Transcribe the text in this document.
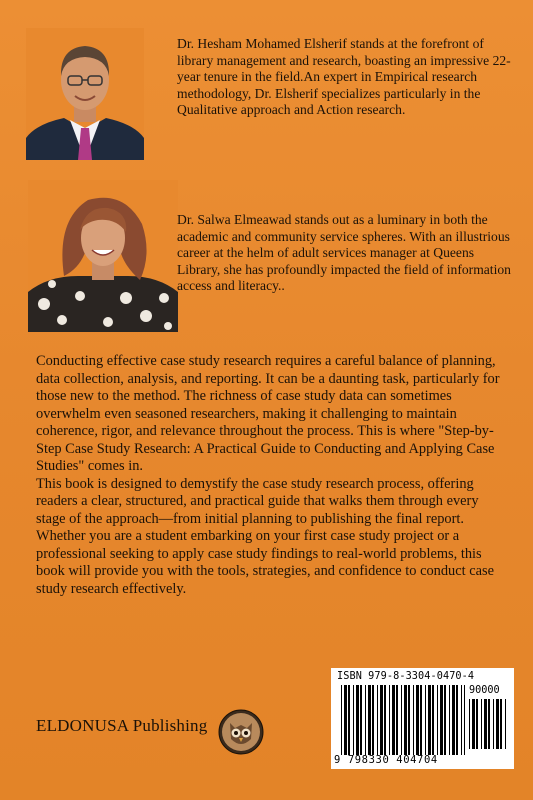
Dr. Hesham Mohamed Elsherif stands at the forefront of library management and research, boasting an impressive 22-year tenure in the field.An expert in Empirical research methodology, Dr. Elsherif specializes particularly in the Qualitative approach and Action research.
Dr. Salwa Elmeawad stands out as a luminary in both the academic and community service spheres. With an illustrious career at the helm of adult services manager at Queens Library, she has profoundly impacted the field of information access and literacy..

Conducting effective case study research requires a careful balance of planning, data collection, analysis, and reporting. It can be a daunting task, particularly for those new to the method. The richness of case study data can sometimes overwhelm even seasoned researchers, making it challenging to maintain coherence, rigor, and relevance throughout the process. This is where "Step-by-Step Case Study Research: A Practical Guide to Conducting and Applying Case Studies" comes in.

This book is designed to demystify the case study research process, offering readers a clear, structured, and practical guide that walks them through every stage of the approach—from initial planning to publishing the final report. Whether you are a student embarking on your first case study project or a professional seeking to apply case study findings to real-world problems, this book will provide you with the tools, strategies, and confidence to conduct case study research effectively.

ELDONUSA Publishing
ISBN 979-8-3304-0470-4
90000
9 798330 404704
